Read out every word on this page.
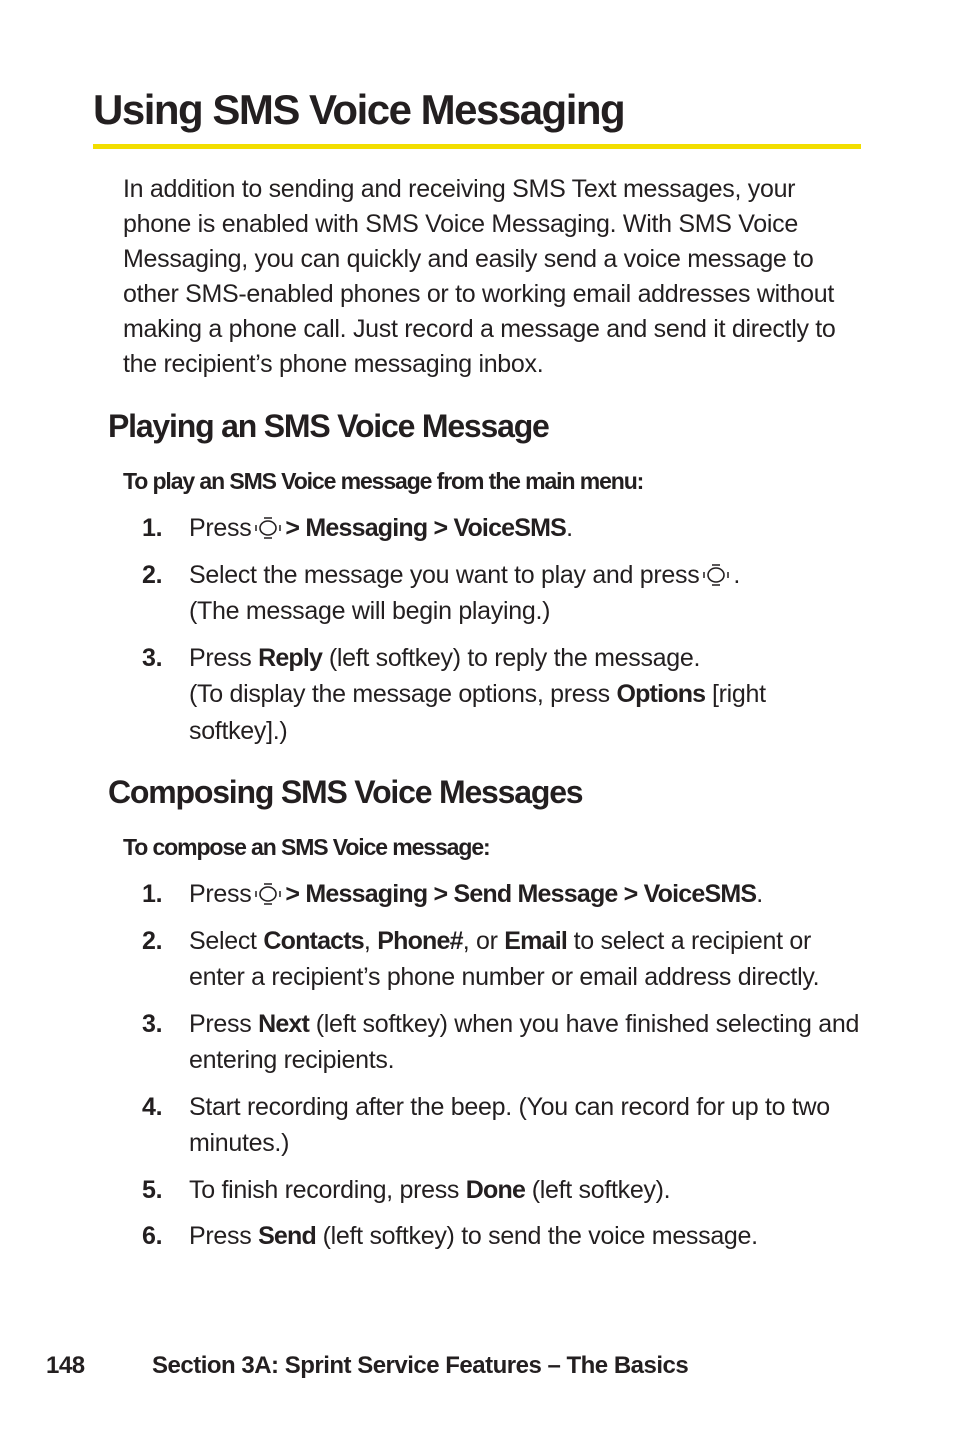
Using SMS Voice Messaging

In addition to sending and receiving SMS Text messages, your phone is enabled with SMS Voice Messaging. With SMS Voice Messaging, you can quickly and easily send a voice message to other SMS-enabled phones or to working email addresses without making a phone call. Just record a message and send it directly to the recipient’s phone messaging inbox.

Playing an SMS Voice Message

To play an SMS Voice message from the main menu:

1. Press > Messaging > VoiceSMS.
2. Select the message you want to play and press .
(The message will begin playing.)
3. Press Reply (left softkey) to reply the message.
(To display the message options, press Options [right softkey].)
Composing SMS Voice Messages

To compose an SMS Voice message:

1. Press > Messaging > Send Message > VoiceSMS.
2. Select Contacts, Phone#, or Email to select a recipient or enter a recipient’s phone number or email address directly.
3. Press Next (left softkey) when you have finished selecting and entering recipients.
4. Start recording after the beep. (You can record for up to two minutes.)
5. To finish recording, press Done (left softkey).
6. Press Send (left softkey) to send the voice message.
148	Section 3A: Sprint Service Features – The Basics
